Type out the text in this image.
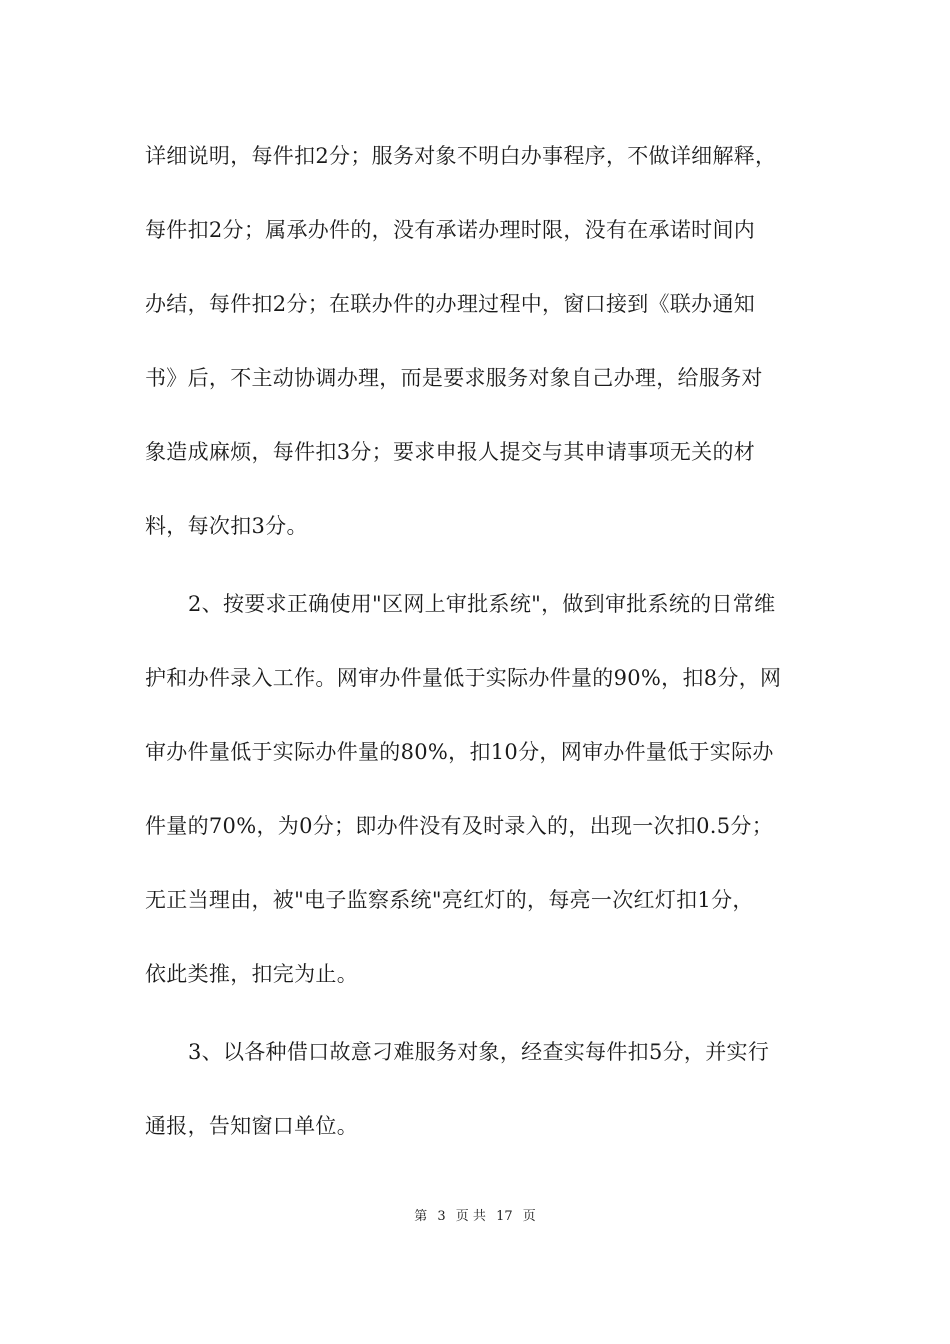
详细说明，每件扣2分；服务对象不明白办事程序，不做详细解释，
每件扣2分；属承办件的，没有承诺办理时限，没有在承诺时间内
办结，每件扣2分；在联办件的办理过程中，窗口接到《联办通知
书》后，不主动协调办理，而是要求服务对象自己办理，给服务对
象造成麻烦，每件扣3分；要求申报人提交与其申请事项无关的材
料，每次扣3分。
2、按要求正确使用"区网上审批系统"，做到审批系统的日常维
护和办件录入工作。网审办件量低于实际办件量的90%，扣8分，网
审办件量低于实际办件量的80%，扣10分，网审办件量低于实际办
件量的70%，为0分；即办件没有及时录入的，出现一次扣0.5分；
无正当理由，被"电子监察系统"亮红灯的，每亮一次红灯扣1分，
依此类推，扣完为止。
3、以各种借口故意刁难服务对象，经查实每件扣5分，并实行
通报，告知窗口单位。
第 3 页 共 17 页
